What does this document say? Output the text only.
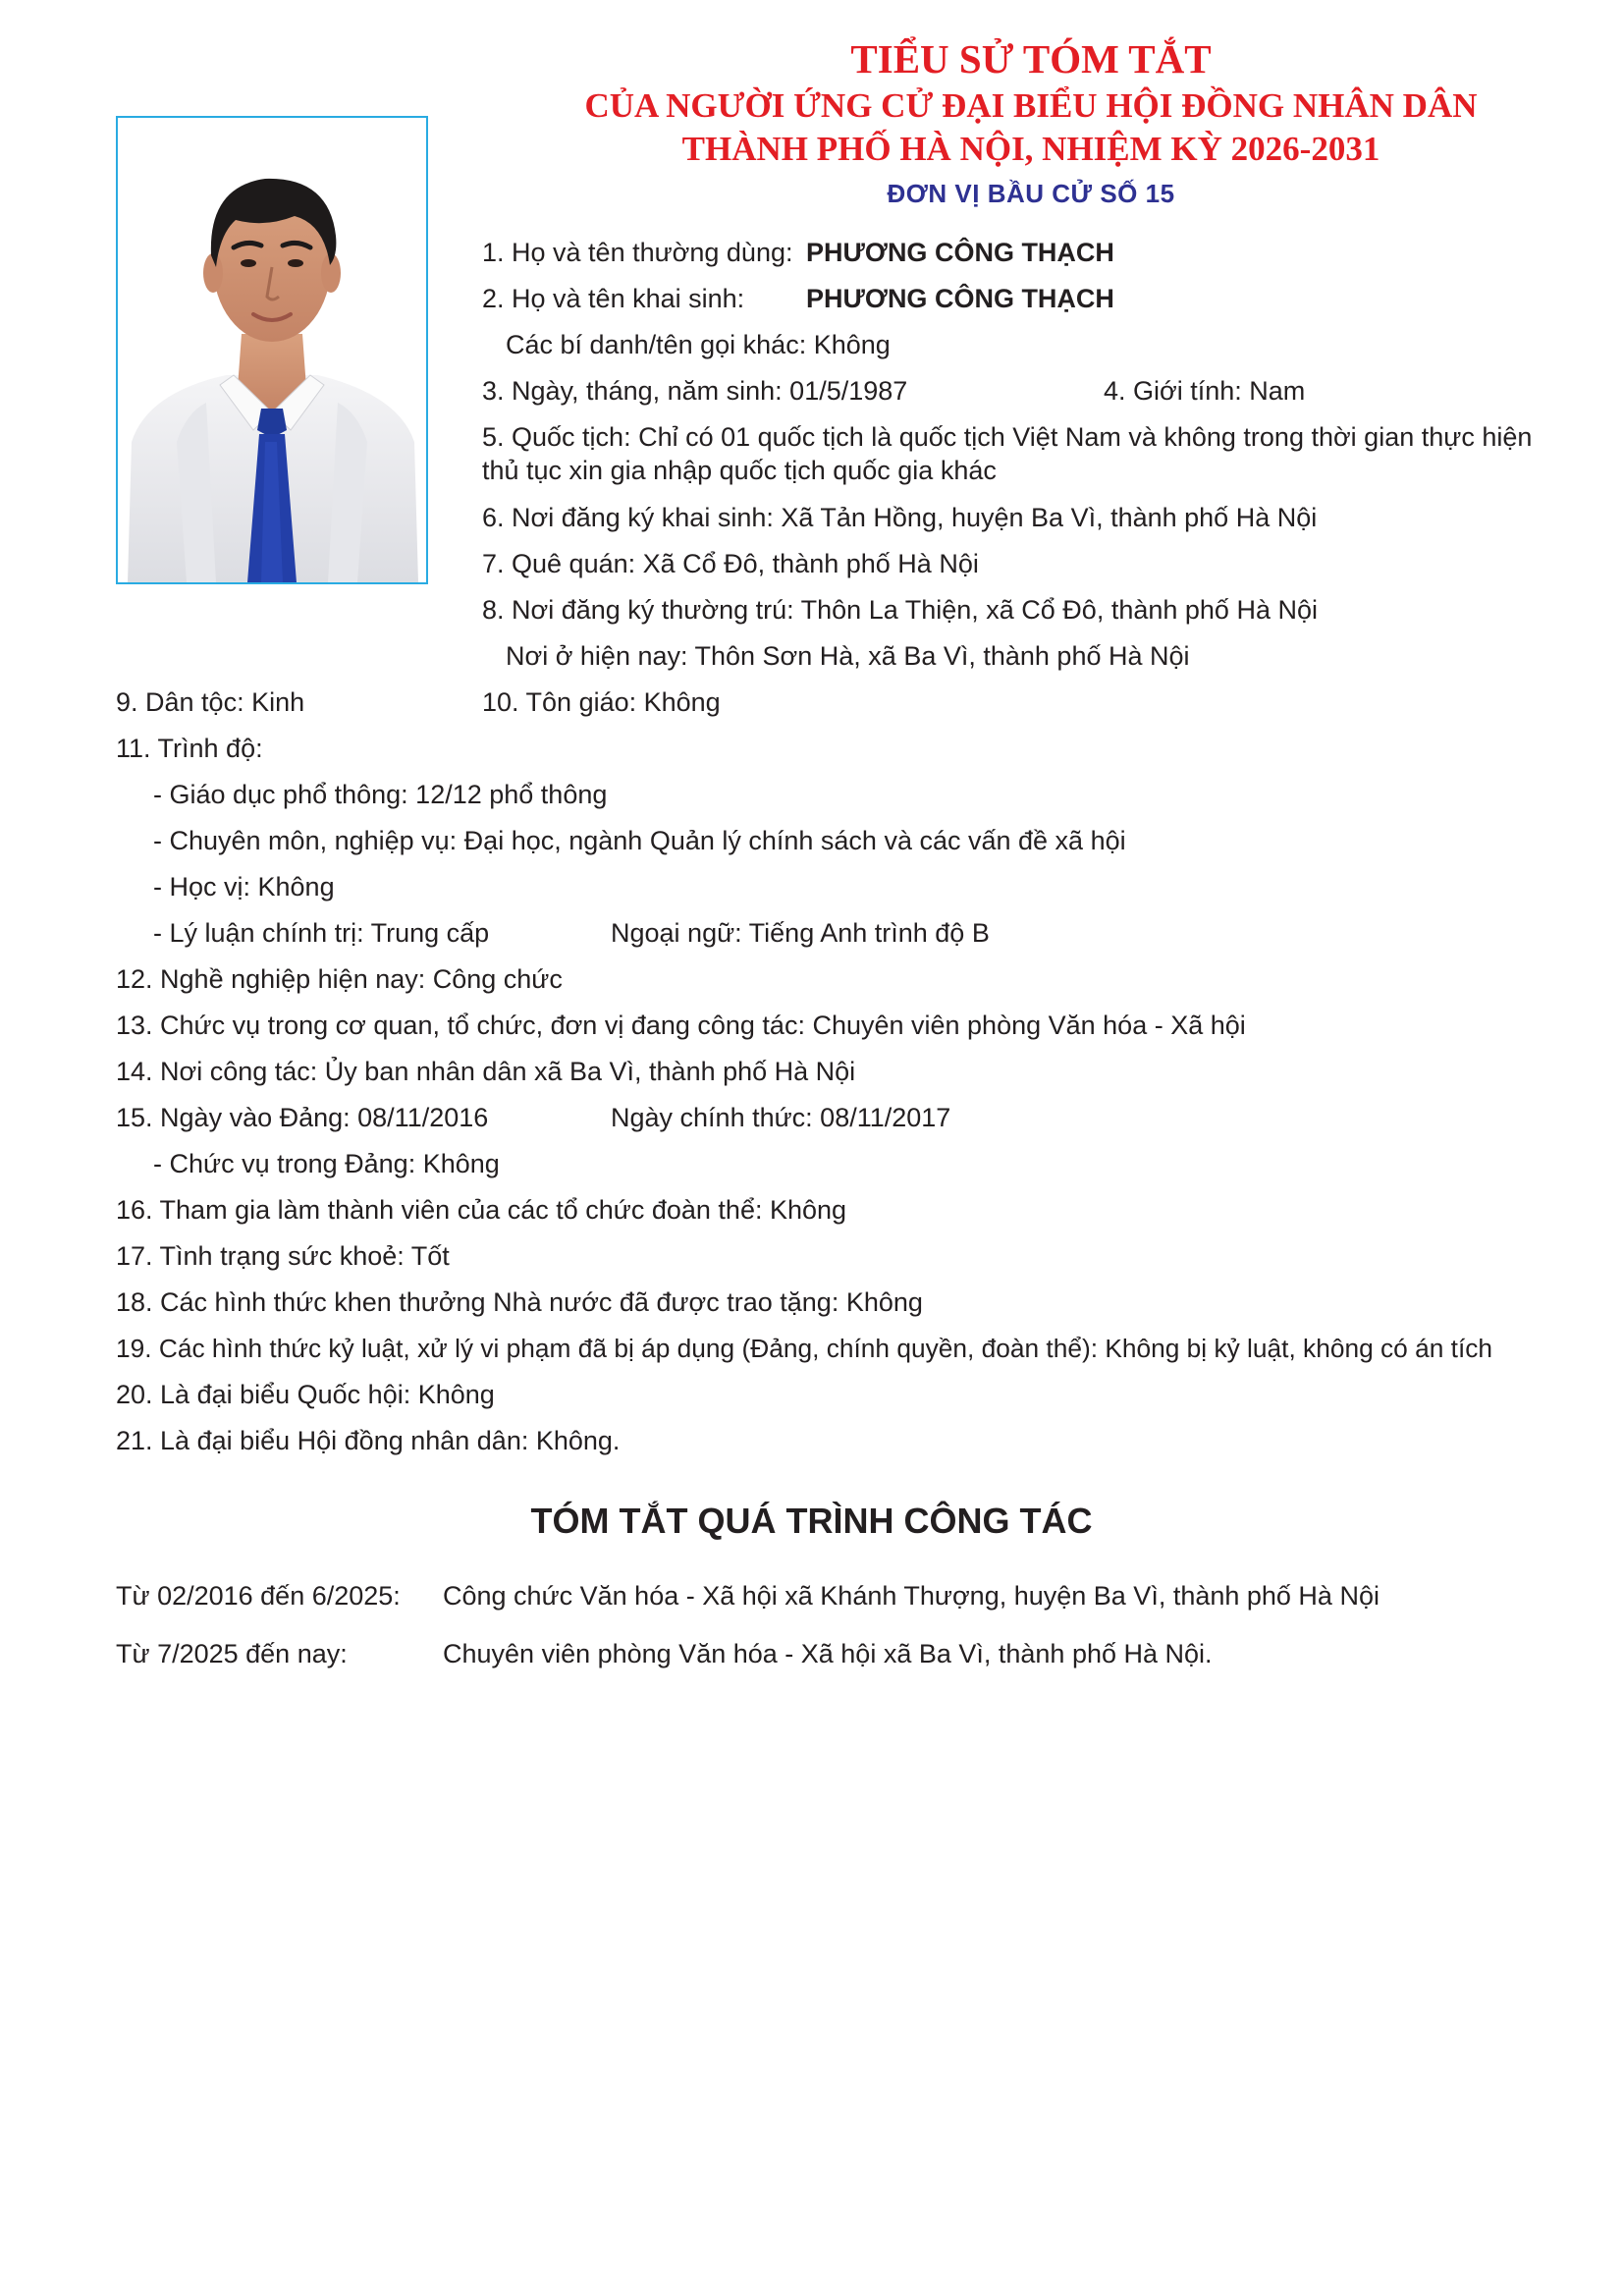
TIỂU SỬ TÓM TẮT
CỦA NGƯỜI ỨNG CỬ ĐẠI BIỂU HỘI ĐỒNG NHÂN DÂN
THÀNH PHỐ HÀ NỘI, NHIỆM KỲ 2026-2031
ĐƠN VỊ BẦU CỬ SỐ 15
1. Họ và tên thường dùng: PHƯƠNG CÔNG THẠCH
2. Họ và tên khai sinh: PHƯƠNG CÔNG THẠCH
Các bí danh/tên gọi khác: Không
3. Ngày, tháng, năm sinh: 01/5/1987	4. Giới tính: Nam
5. Quốc tịch: Chỉ có 01 quốc tịch là quốc tịch Việt Nam và không trong thời gian thực hiện
thủ tục xin gia nhập quốc tịch quốc gia khác
6. Nơi đăng ký khai sinh: Xã Tản Hồng, huyện Ba Vì, thành phố Hà Nội
7. Quê quán: Xã Cổ Đô, thành phố Hà Nội
8. Nơi đăng ký thường trú: Thôn La Thiện, xã Cổ Đô, thành phố Hà Nội
Nơi ở hiện nay: Thôn Sơn Hà, xã Ba Vì, thành phố Hà Nội
9. Dân tộc: Kinh	10. Tôn giáo: Không
11. Trình độ:
- Giáo dục phổ thông: 12/12 phổ thông
- Chuyên môn, nghiệp vụ: Đại học, ngành Quản lý chính sách và các vấn đề xã hội
- Học vị: Không
- Lý luận chính trị: Trung cấp	Ngoại ngữ: Tiếng Anh trình độ B
12. Nghề nghiệp hiện nay: Công chức
13. Chức vụ trong cơ quan, tổ chức, đơn vị đang công tác: Chuyên viên phòng Văn hóa - Xã hội
14. Nơi công tác: Ủy ban nhân dân xã Ba Vì, thành phố Hà Nội
15. Ngày vào Đảng: 08/11/2016	Ngày chính thức: 08/11/2017
- Chức vụ trong Đảng: Không
16. Tham gia làm thành viên của các tổ chức đoàn thể: Không
17. Tình trạng sức khoẻ: Tốt
18. Các hình thức khen thưởng Nhà nước đã được trao tặng: Không
19. Các hình thức kỷ luật, xử lý vi phạm đã bị áp dụng (Đảng, chính quyền, đoàn thể): Không bị kỷ luật, không có án tích
20. Là đại biểu Quốc hội: Không
21. Là đại biểu Hội đồng nhân dân: Không.
TÓM TẮT QUÁ TRÌNH CÔNG TÁC
Từ 02/2016 đến 6/2025: Công chức Văn hóa - Xã hội xã Khánh Thượng, huyện Ba Vì, thành phố Hà Nội
Từ 7/2025 đến nay:	Chuyên viên phòng Văn hóa - Xã hội xã Ba Vì, thành phố Hà Nội.
